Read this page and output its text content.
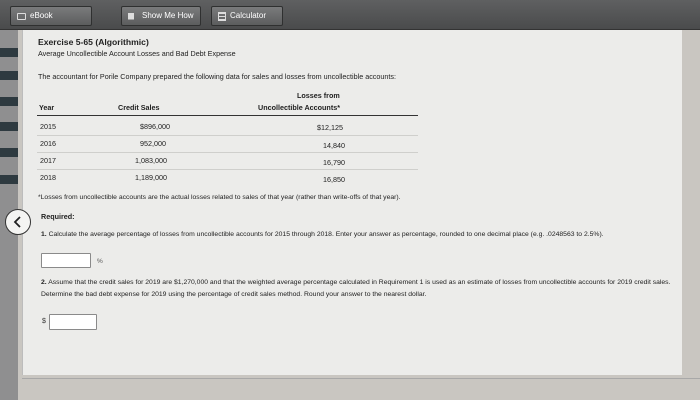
eBook	Show Me How	Calculator
Exercise 5-65 (Algorithmic)
Average Uncollectible Account Losses and Bad Debt Expense
The accountant for Porile Company prepared the following data for sales and losses from uncollectible accounts:
Year	Credit Sales
Losses from
Uncollectible Accounts*
2015	$896,000	$12,125
2016	952,000	14,840
2017	1,083,000	16,790
2018	1,189,000	16,850
*Losses from uncollectible accounts are the actual losses related to sales of that year (rather than write-offs of that year).
Required:
1. Calculate the average percentage of losses from uncollectible accounts for 2015 through 2018. Enter your answer as percentage, rounded to one decimal place (e.g. .0248563 to 2.5%).
%
2. Assume that the credit sales for 2019 are $1,270,000 and that the weighted average percentage calculated in Requirement 1 is used as an estimate of losses from uncollectible accounts for 2019 credit sales. Determine the bad debt expense for 2019 using the percentage of credit sales method. Round your answer to the nearest dollar.
$
